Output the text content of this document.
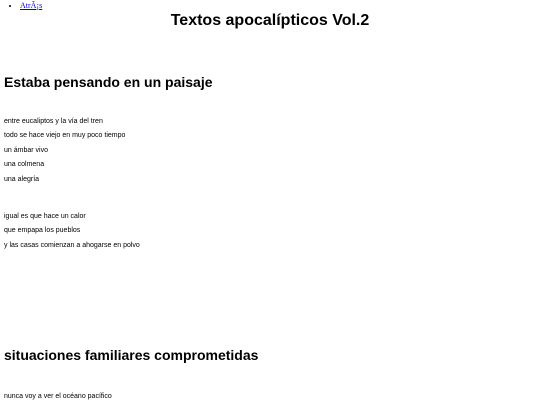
• AtrÃ¡s
Textos apocalípticos Vol.2
Estaba pensando en un paisaje

entre eucaliptos y la vía del tren

todo se hace viejo en muy poco tiempo

un ámbar vivo

una colmena

una alegría

igual es que hace un calor

que empapa los pueblos

y las casas comienzan a ahogarse en polvo

situaciones familiares comprometidas

nunca voy a ver el océano pacífico
